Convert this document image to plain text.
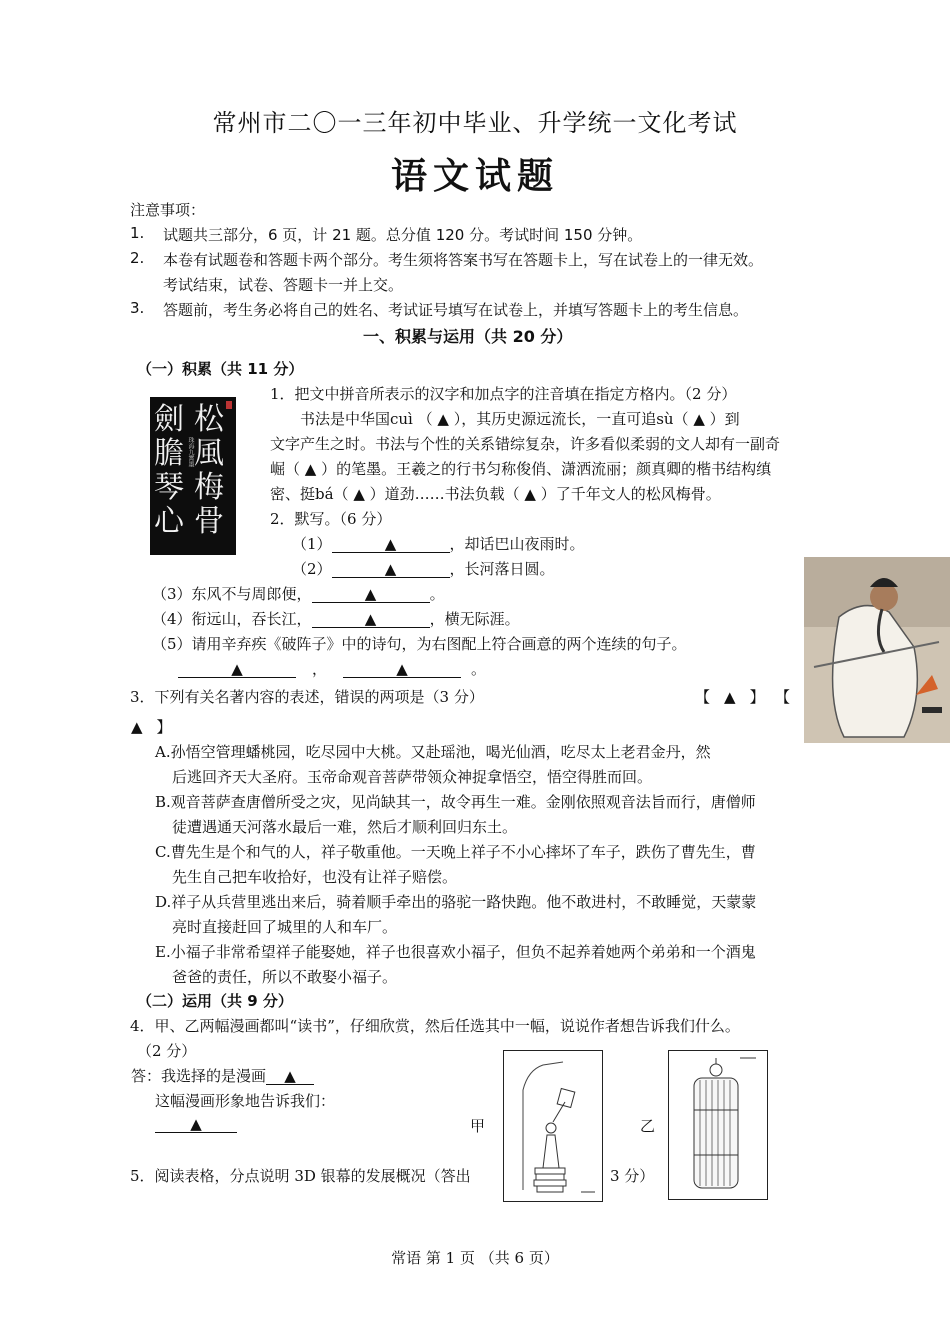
常州市二〇一三年初中毕业、升学统一文化考试
语文试题
注意事项：
1. 试题共三部分，6 页，计 21 题。总分值 120 分。考试时间 150 分钟。
2. 本卷有试题卷和答题卡两个部分。考生须将答案书写在答题卡上，写在试卷上的一律无效。
考试结束，试卷、答题卡一并上交。
3. 答题前，考生务必将自己的姓名、考试证号填写在试卷上，并填写答题卡上的考生信息。
一、积累与运用（共 20 分）
（一）积累（共 11 分）
松
風
梅
骨
劍
膽
琴
心
珠海九霄墨
1．把文中拼音所表示的汉字和加点字的注音填在指定方格内。（2 分）
书法是中华国cuì （ ▲ ），其历史源远流长，一直可追sù（ ▲ ）到
文字产生之时。书法与个性的关系错综复杂，许多看似柔弱的文人却有一副奇
崛（ ▲ ）的笔墨。王羲之的行书匀称俊俏、潇洒流丽；颜真卿的楷书结构缜
密、挺bá（ ▲ ）道劲……书法负载（ ▲ ）了千年文人的松风梅骨。
2．默写。（6 分）
（1）	▲	，却话巴山夜雨时。
（2）	▲	，长河落日圆。
（3）东风不与周郎便，	▲	。
（4）衔远山，吞长江，	▲	，横无际涯。
（5）请用辛弃疾《破阵子》中的诗句，为右图配上符合画意的两个连续的句子。
▲	，	▲	。
3．下列有关名著内容的表述，错误的两项是（3 分）	【 ▲ 】 【
▲ 】
A.孙悟空管理蟠桃园，吃尽园中大桃。又赴瑶池，喝光仙酒，吃尽太上老君金丹，然
后逃回齐天大圣府。玉帝命观音菩萨带领众神捉拿悟空，悟空得胜而回。
B.观音菩萨查唐僧所受之灾，见尚缺其一，故令再生一难。金刚依照观音法旨而行，唐僧师
徒遭遇通天河落水最后一难，然后才顺利回归东土。
C.曹先生是个和气的人，祥子敬重他。一天晚上祥子不小心摔坏了车子，跌伤了曹先生，曹
先生自己把车收拾好，也没有让祥子赔偿。
D.祥子从兵营里逃出来后，骑着顺手牵出的骆驼一路快跑。他不敢进村，不敢睡觉，天蒙蒙
亮时直接赶回了城里的人和车厂。
E.小福子非常希望祥子能娶她，祥子也很喜欢小福子，但负不起养着她两个弟弟和一个酒鬼
爸爸的责任，所以不敢娶小福子。
（二）运用（共 9 分）
4．甲、乙两幅漫画都叫“读书”，仔细欣赏，然后任选其中一幅，说说作者想告诉我们什么。
（2 分）
答：我选择的是漫画 ▲
这幅漫画形象地告诉我们：
▲	甲	乙
5．阅读表格，分点说明 3D 银幕的发展概况（答出	3 分）
常语 第 1 页 （共 6 页）
